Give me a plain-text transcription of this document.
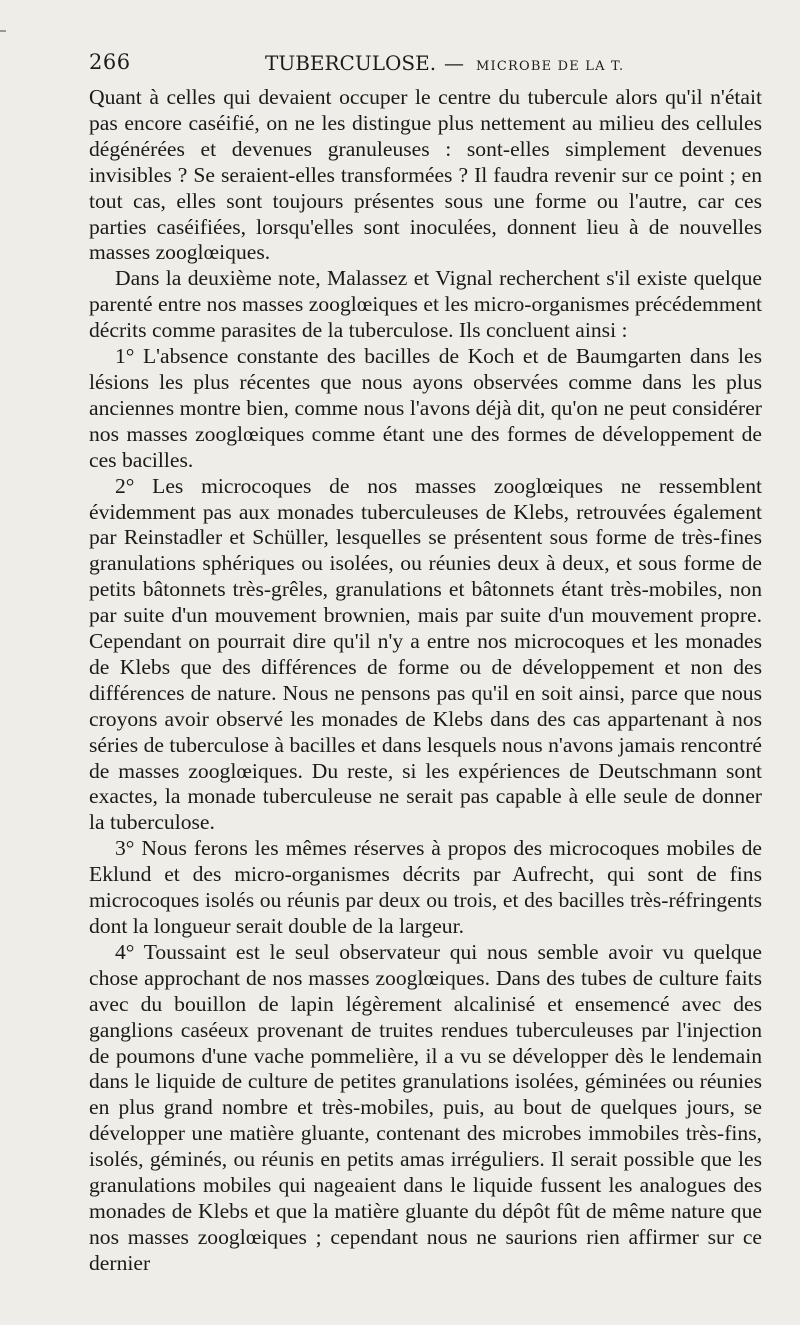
266	TUBERCULOSE. — MICROBE DE LA T.

Quant à celles qui devaient occuper le centre du tubercule alors qu'il n'était pas encore caséifié, on ne les distingue plus nettement au milieu des cellules dégénérées et devenues granuleuses : sont-elles simplement devenues invisibles ? Se seraient-elles transformées ? Il faudra revenir sur ce point ; en tout cas, elles sont toujours présentes sous une forme ou l'autre, car ces parties caséifiées, lorsqu'elles sont inoculées, donnent lieu à de nouvelles masses zooglœiques.

Dans la deuxième note, Malassez et Vignal recherchent s'il existe quelque parenté entre nos masses zooglœiques et les micro-organismes précédemment décrits comme parasites de la tuberculose. Ils concluent ainsi :

1° L'absence constante des bacilles de Koch et de Baumgarten dans les lésions les plus récentes que nous ayons observées comme dans les plus anciennes montre bien, comme nous l'avons déjà dit, qu'on ne peut considérer nos masses zooglœiques comme étant une des formes de développement de ces bacilles.

2° Les microcoques de nos masses zooglœiques ne ressemblent évidemment pas aux monades tuberculeuses de Klebs, retrouvées également par Reinstadler et Schüller, lesquelles se présentent sous forme de très-fines granulations sphériques ou isolées, ou réunies deux à deux, et sous forme de petits bâtonnets très-grêles, granulations et bâtonnets étant très-mobiles, non par suite d'un mouvement brownien, mais par suite d'un mouvement propre. Cependant on pourrait dire qu'il n'y a entre nos microcoques et les monades de Klebs que des différences de forme ou de développement et non des différences de nature. Nous ne pensons pas qu'il en soit ainsi, parce que nous croyons avoir observé les monades de Klebs dans des cas appartenant à nos séries de tuberculose à bacilles et dans lesquels nous n'avons jamais rencontré de masses zooglœiques. Du reste, si les expériences de Deutschmann sont exactes, la monade tuberculeuse ne serait pas capable à elle seule de donner la tuberculose.

3° Nous ferons les mêmes réserves à propos des microcoques mobiles de Eklund et des micro-organismes décrits par Aufrecht, qui sont de fins microcoques isolés ou réunis par deux ou trois, et des bacilles très-réfringents dont la longueur serait double de la largeur.

4° Toussaint est le seul observateur qui nous semble avoir vu quelque chose approchant de nos masses zooglœiques. Dans des tubes de culture faits avec du bouillon de lapin légèrement alcalinisé et ensemencé avec des ganglions caséeux provenant de truites rendues tuberculeuses par l'injection de poumons d'une vache pommelière, il a vu se développer dès le lendemain dans le liquide de culture de petites granulations isolées, géminées ou réunies en plus grand nombre et très-mobiles, puis, au bout de quelques jours, se développer une matière gluante, contenant des microbes immobiles très-fins, isolés, géminés, ou réunis en petits amas irréguliers. Il serait possible que les granulations mobiles qui nageaient dans le liquide fussent les analogues des monades de Klebs et que la matière gluante du dépôt fût de même nature que nos masses zooglœiques ; cependant nous ne saurions rien affirmer sur ce dernier
